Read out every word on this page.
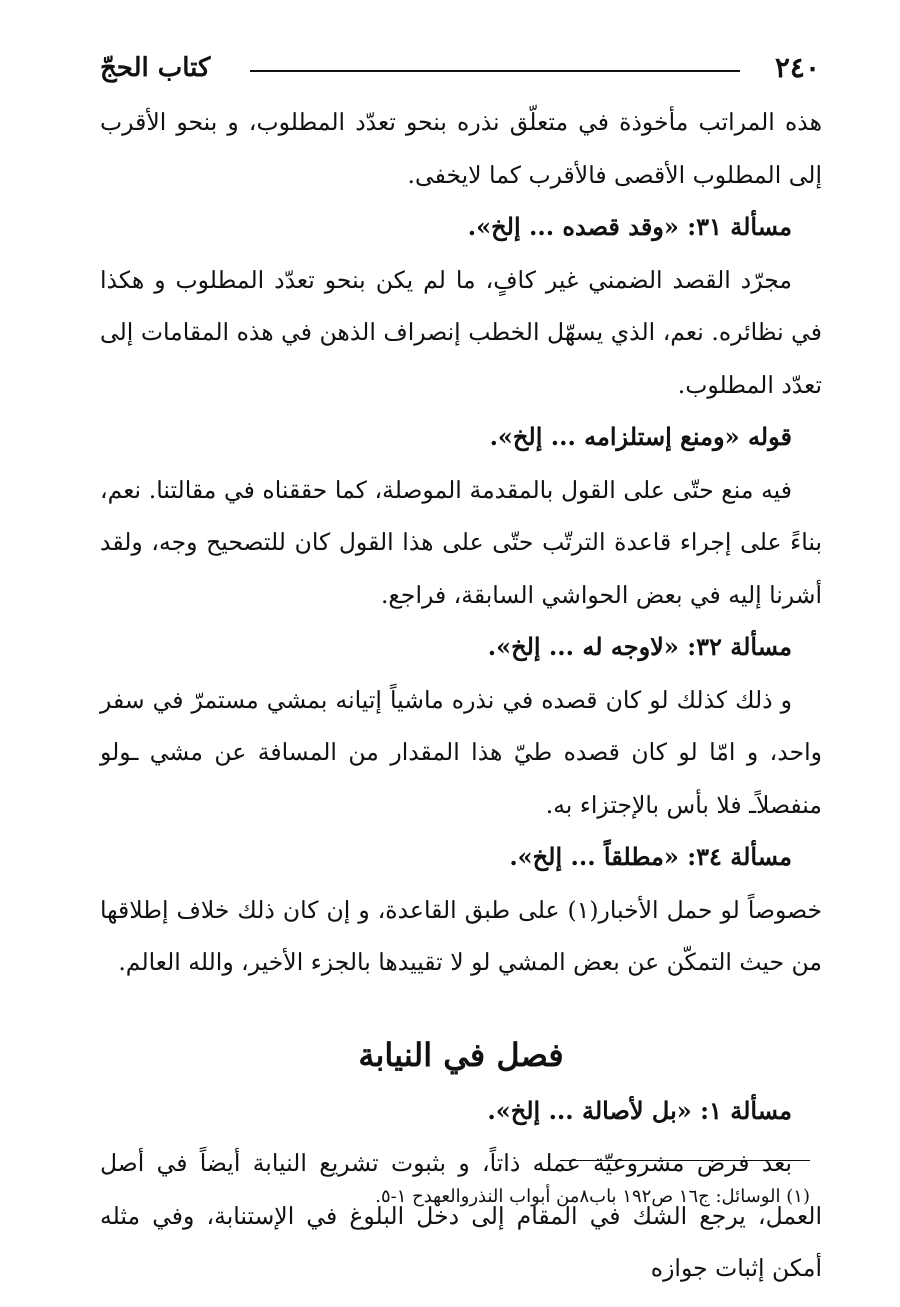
٢٤٠
كتاب الحجّ

هذه المراتب مأخوذة في متعلّق نذره بنحو تعدّد المطلوب، و بنحو الأقرب إلى المطلوب الأقصى فالأقرب كما لايخفى.

مسألة ٣١: «وقد قصده ... إلخ».

مجرّد القصد الضمني غير كافٍ، ما لم يكن بنحو تعدّد المطلوب و هكذا في نظائره. نعم، الذي يسهّل الخطب إنصراف الذهن في هذه المقامات إلى تعدّد المطلوب.

قوله «ومنع إستلزامه ... إلخ».

فيه منع حتّى على القول بالمقدمة الموصلة، كما حققناه في مقالتنا. نعم، بناءً على إجراء قاعدة الترتّب حتّى على هذا القول كان للتصحيح وجه، ولقد أشرنا إليه في بعض الحواشي السابقة، فراجع.

مسألة ٣٢: «لاوجه له ... إلخ».

و ذلك كذلك لو كان قصده في نذره ماشياً إتيانه بمشي مستمرّ في سفر واحد، و امّا لو كان قصده طيّ هذا المقدار من المسافة عن مشي ـولو منفصلاًـ فلا بأس بالإجتزاء به.

مسألة ٣٤: «مطلقاً ... إلخ».

خصوصاً لو حمل الأخبار(١) على طبق القاعدة، و إن كان ذلك خلاف إطلاقها من حيث التمكّن عن بعض المشي لو لا تقييدها بالجزء الأخير، والله العالم.

فصل في النيابة

مسألة ١: «بل لأصالة ... إلخ».

بعد فرض مشروعيّة عمله ذاتاً، و بثبوت تشريع النيابة أيضاً في أصل العمل، يرجع الشك في المقام إلى دخل البلوغ في الإستنابة، وفي مثله أمكن إثبات جوازه

(١) الوسائل: ج١٦ ص١٩٢ باب٨من أبواب النذروالعهدح ١-٥.
